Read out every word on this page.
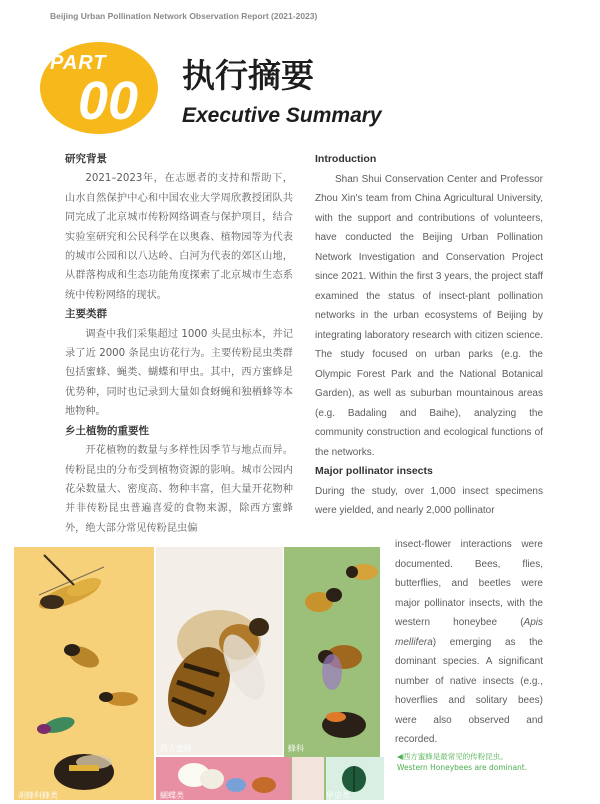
Beijing Urban Pollination Network Observation Report (2021-2023)
PART
00 执行摘要
Executive Summary
研究背景

2021–2023年，在志愿者的支持和帮助下，山水自然保护中心和中国农业大学周欣教授团队共同完成了北京城市传粉网络调查与保护项目，结合实验室研究和公民科学在以奥森、植物园等为代表的城市公园和以八达岭、白河为代表的郊区山地，从群落构成和生态功能角度探索了北京城市生态系统中传粉网络的现状。

主要类群

调查中我们采集超过 1000 头昆虫标本，并记录了近 2000 条昆虫访花行为。主要传粉昆虫类群包括蜜蜂、蝇类、蝴蝶和甲虫。其中，西方蜜蜂是优势种，同时也记录到大量如食蚜蝇和独栖蜂等本地物种。

乡土植物的重要性

开花植物的数量与多样性因季节与地点而异。传粉昆虫的分布受到植物资源的影响。城市公园内花朵数量大、密度高、物种丰富，但大量开花物种并非传粉昆虫普遍喜爱的食物来源，除西方蜜蜂外，绝大部分常见传粉昆虫偏

Introduction

Shan Shui Conservation Center and Professor Zhou Xin's team from China Agricultural University, with the support and contributions of volunteers, have conducted the Beijing Urban Pollination Network Investigation and Conservation Project since 2021. Within the first 3 years, the project staff examined the status of insect-plant pollination networks in the urban ecosystems of Beijing by integrating laboratory research with citizen science. The study focused on urban parks (e.g. the Olympic Forest Park and the National Botanical Garden), as well as suburban mountainous areas (e.g. Badaling and Baihe), analyzing the community construction and ecological functions of the networks.

Major pollinator insects

During the study, over 1,000 insect specimens were yielded, and nearly 2,000 pollinator

insect-flower interactions were documented. Bees, flies, butterflies, and beetles were major pollinator insects, with the western honeybee (Apis mellifera) emerging as the dominant species. A significant number of native insects (e.g., hoverflies and solitary bees) were also observed and recorded.
胡蜂科蜂类
西方蜜蜂	蜂科
蝴蝶类	甲虫类
◀西方蜜蜂是最常见的传粉昆虫。
Western Honeybees are dominant.
